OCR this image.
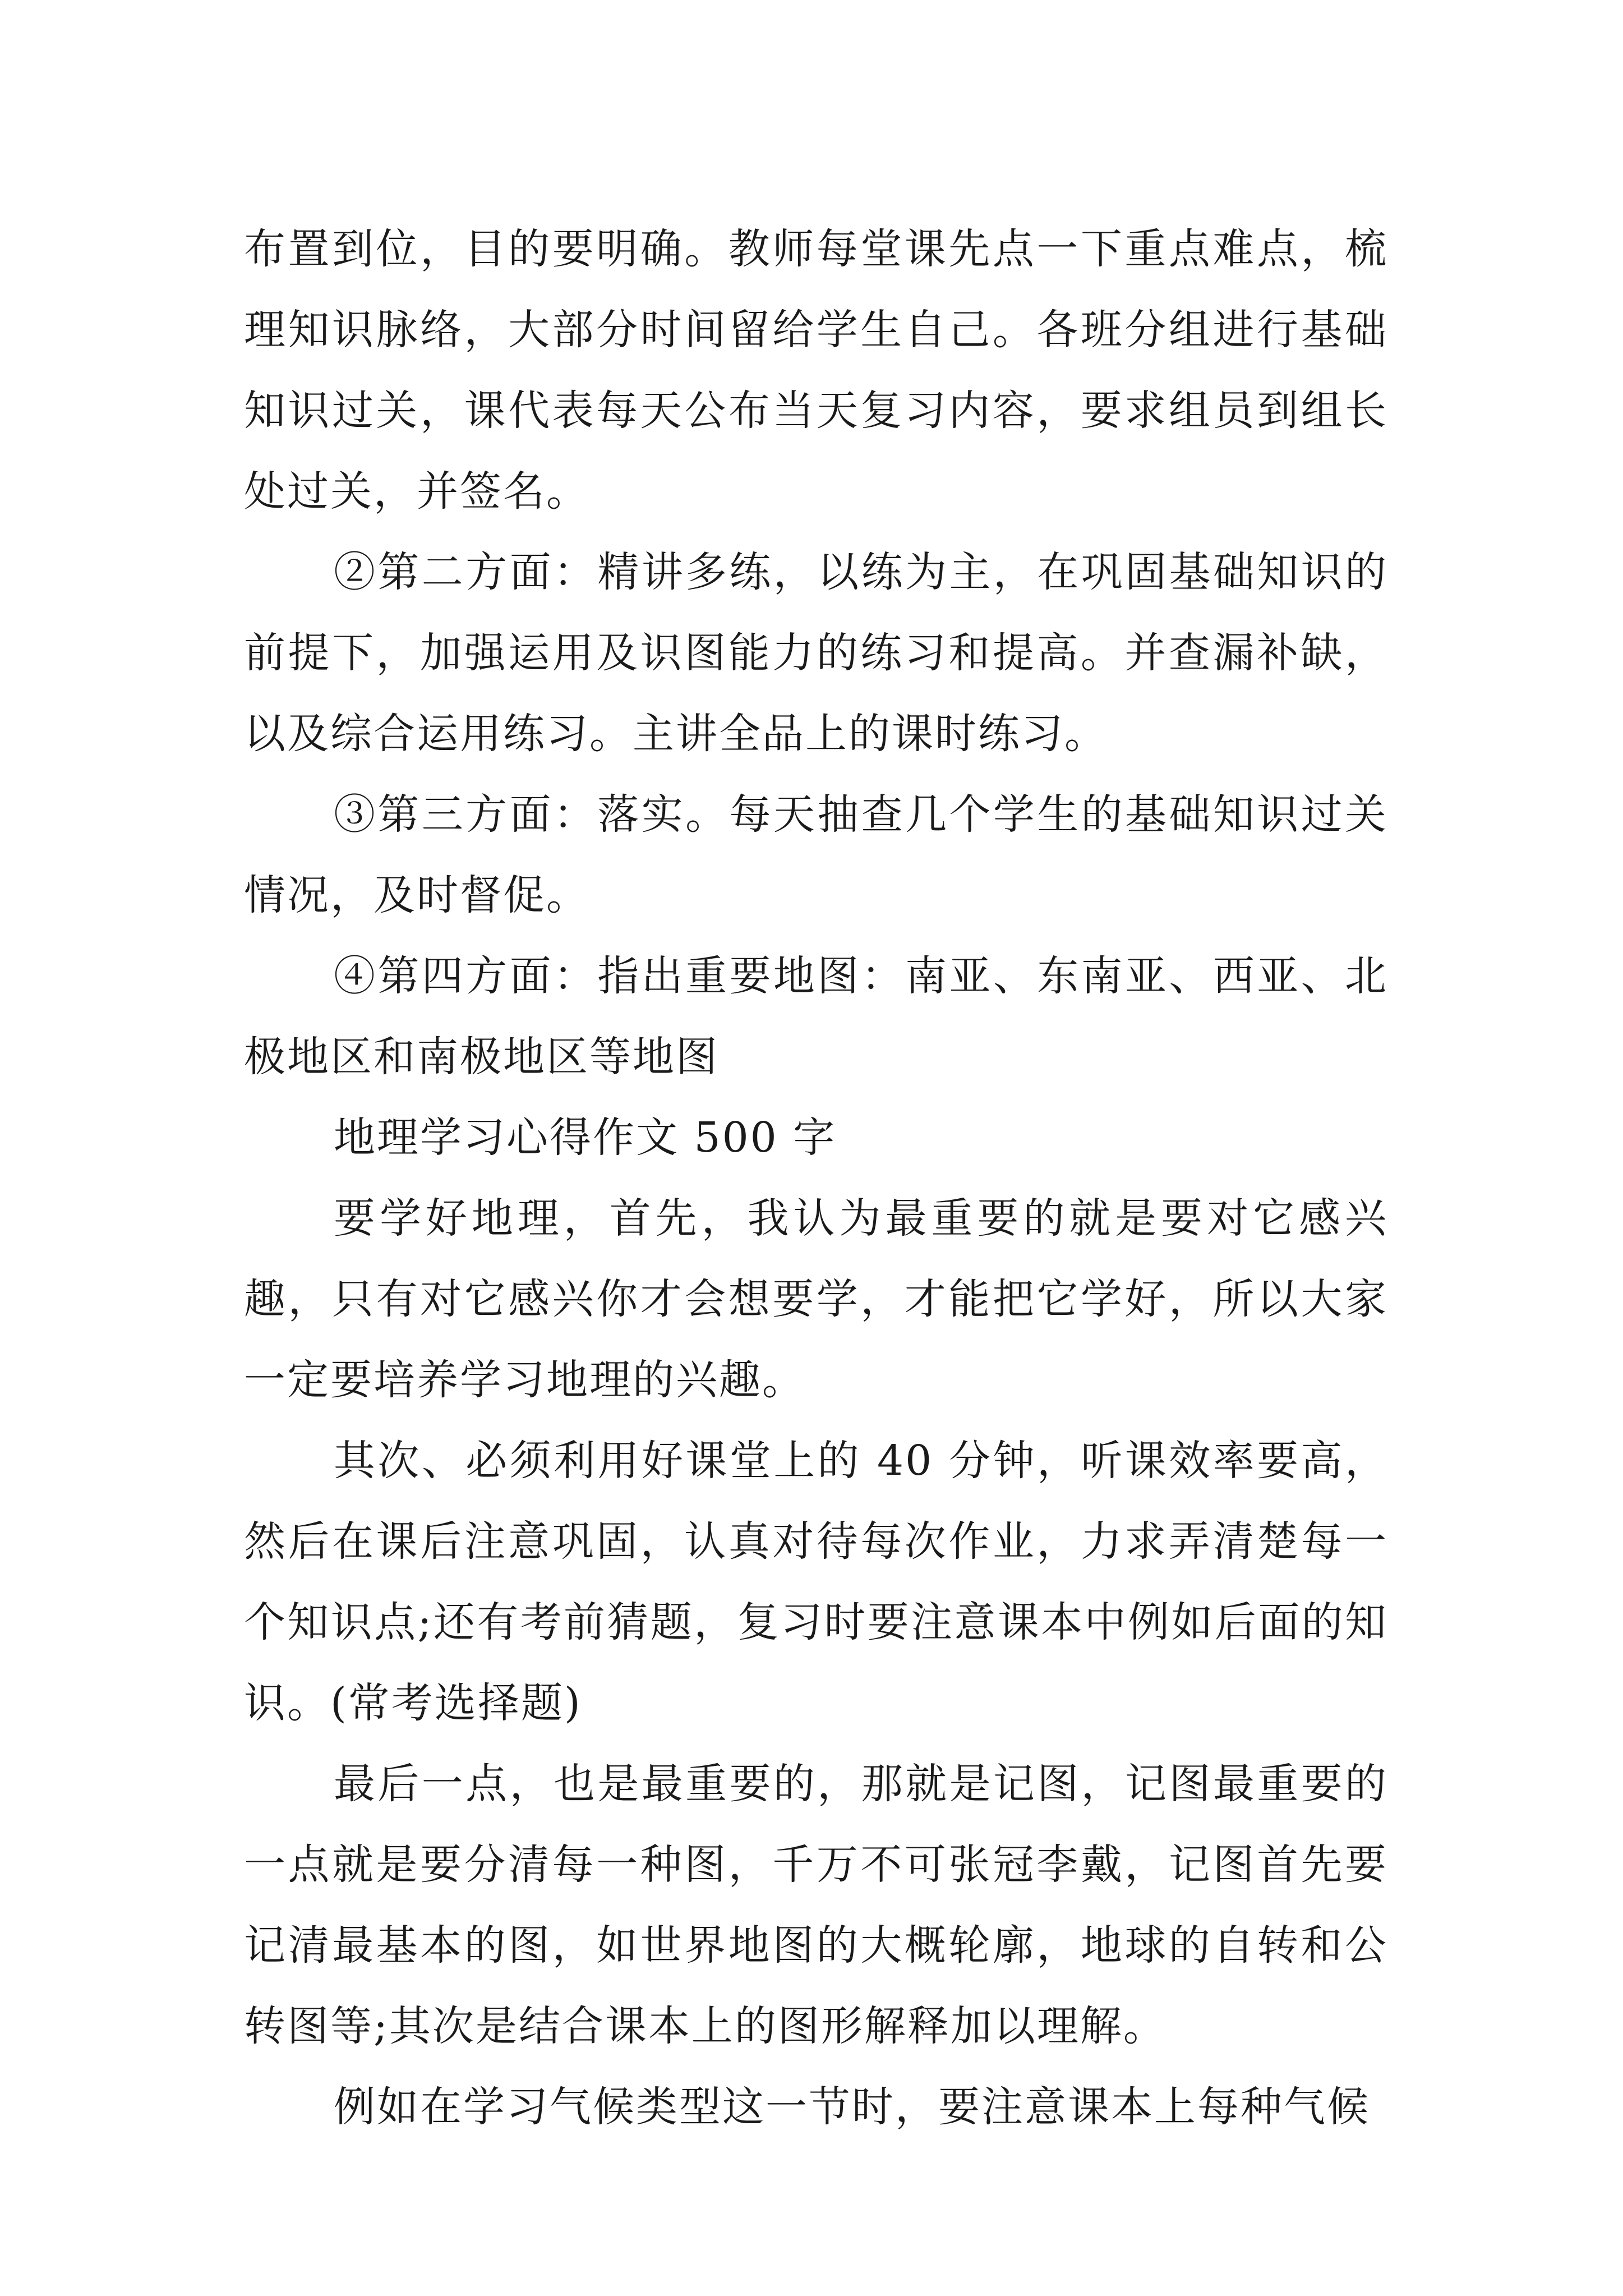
布置到位，目的要明确。教师每堂课先点一下重点难点，梳理知识脉络，大部分时间留给学生自己。各班分组进行基础知识过关，课代表每天公布当天复习内容，要求组员到组长处过关，并签名。

②第二方面：精讲多练，以练为主，在巩固基础知识的前提下，加强运用及识图能力的练习和提高。并查漏补缺，以及综合运用练习。主讲全品上的课时练习。

③第三方面：落实。每天抽查几个学生的基础知识过关情况，及时督促。

④第四方面：指出重要地图：南亚、东南亚、西亚、北极地区和南极地区等地图

地理学习心得作文 500 字

要学好地理，首先，我认为最重要的就是要对它感兴趣，只有对它感兴你才会想要学，才能把它学好，所以大家一定要培养学习地理的兴趣。

其次、必须利用好课堂上的 40 分钟，听课效率要高，然后在课后注意巩固，认真对待每次作业，力求弄清楚每一个知识点;还有考前猜题，复习时要注意课本中例如后面的知识。(常考选择题)

最后一点，也是最重要的，那就是记图，记图最重要的一点就是要分清每一种图，千万不可张冠李戴，记图首先要记清最基本的图，如世界地图的大概轮廓，地球的自转和公转图等;其次是结合课本上的图形解释加以理解。

例如在学习气候类型这一节时，要注意课本上每种气候
